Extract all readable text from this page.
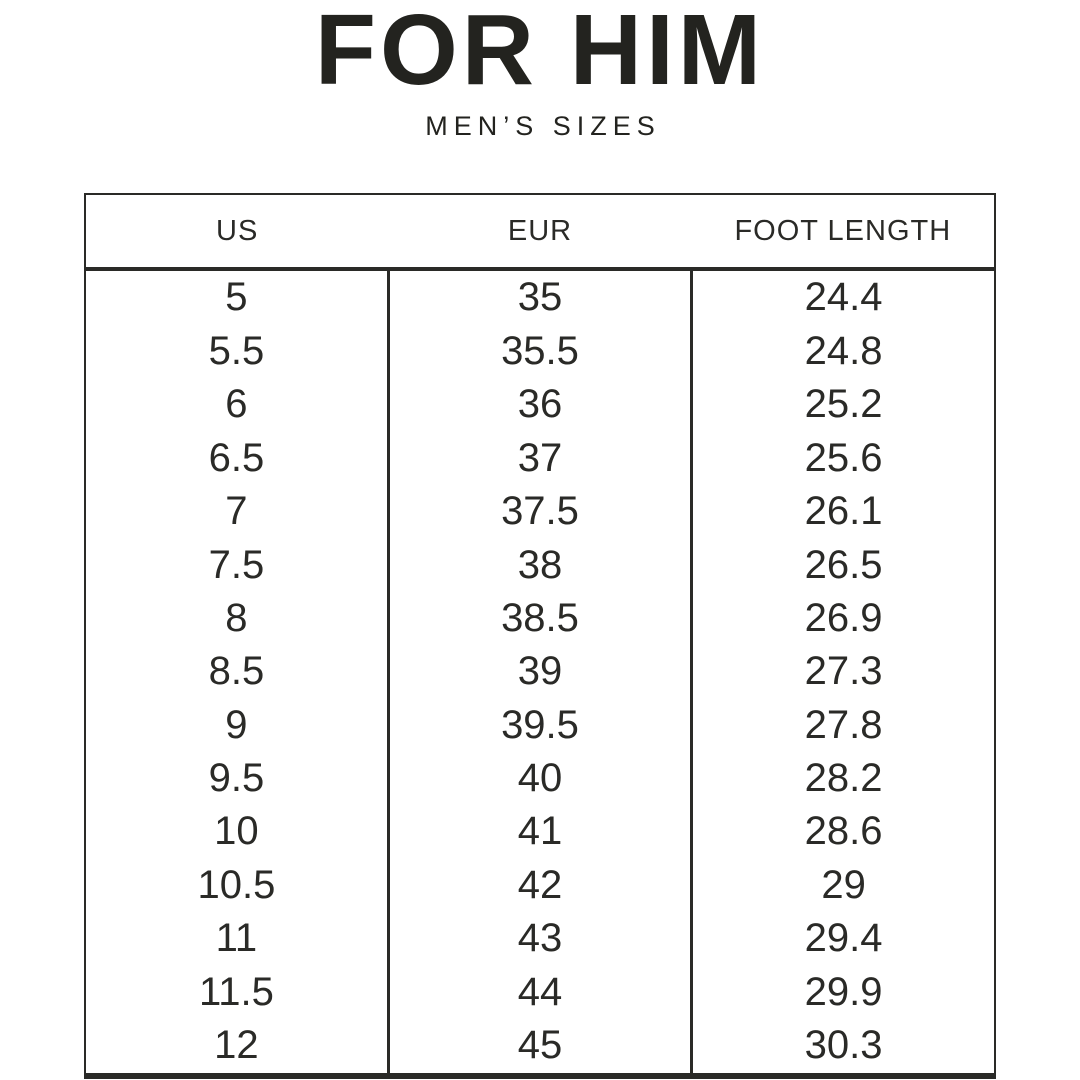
FOR HIM

MEN’S SIZES

US	EUR	FOOT LENGTH
5	35	24.4
5.5	35.5	24.8
6	36	25.2
6.5	37	25.6
7	37.5	26.1
7.5	38	26.5
8	38.5	26.9
8.5	39	27.3
9	39.5	27.8
9.5	40	28.2
10	41	28.6
10.5	42	29
11	43	29.4
11.5	44	29.9
12	45	30.3
